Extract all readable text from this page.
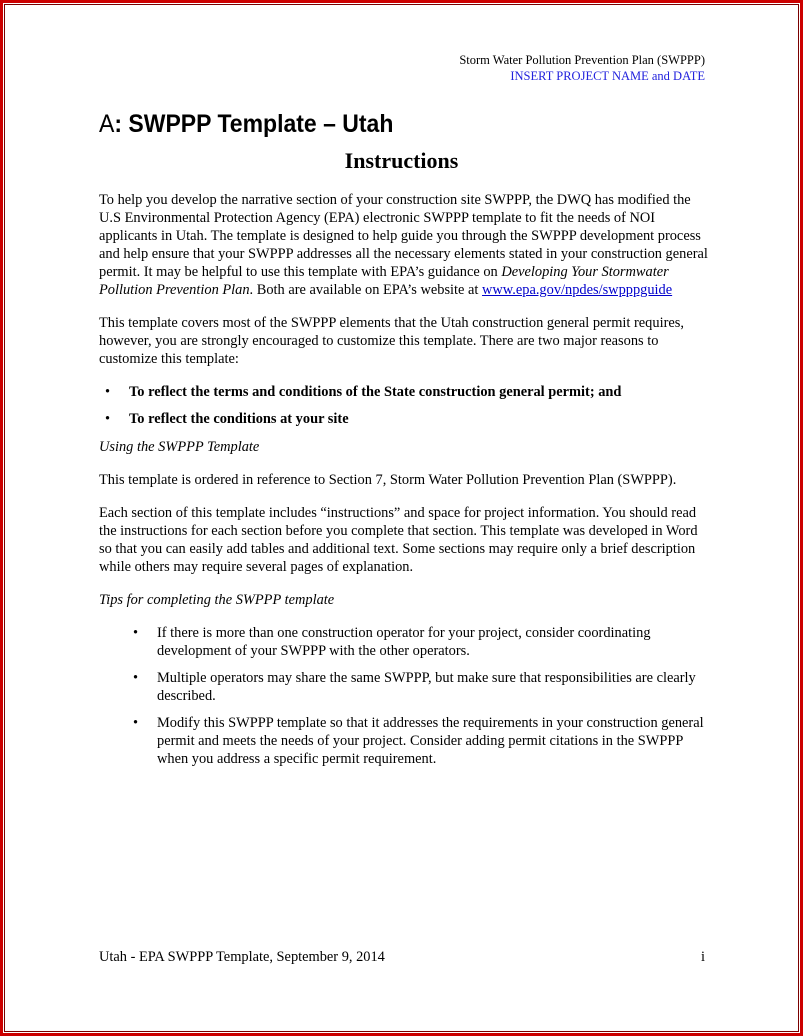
Storm Water Pollution Prevention Plan (SWPPP)
INSERT PROJECT NAME and DATE
A: SWPPP Template – Utah
Instructions

To help you develop the narrative section of your construction site SWPPP, the DWQ has modified the U.S Environmental Protection Agency (EPA) electronic SWPPP template to fit the needs of NOI applicants in Utah. The template is designed to help guide you through the SWPPP development process and help ensure that your SWPPP addresses all the necessary elements stated in your construction general permit. It may be helpful to use this template with EPA’s guidance on Developing Your Stormwater Pollution Prevention Plan. Both are available on EPA’s website at www.epa.gov/npdes/swpppguide

This template covers most of the SWPPP elements that the Utah construction general permit requires, however, you are strongly encouraged to customize this template. There are two major reasons to customize this template:

• To reflect the terms and conditions of the State construction general permit; and
• To reflect the conditions at your site
Using the SWPPP Template

This template is ordered in reference to Section 7, Storm Water Pollution Prevention Plan (SWPPP).

Each section of this template includes “instructions” and space for project information. You should read the instructions for each section before you complete that section. This template was developed in Word so that you can easily add tables and additional text. Some sections may require only a brief description while others may require several pages of explanation.

Tips for completing the SWPPP template
• If there is more than one construction operator for your project, consider coordinating development of your SWPPP with the other operators.
• Multiple operators may share the same SWPPP, but make sure that responsibilities are clearly described.
• Modify this SWPPP template so that it addresses the requirements in your construction general permit and meets the needs of your project. Consider adding permit citations in the SWPPP when you address a specific permit requirement.
Utah - EPA SWPPP Template, September 9, 2014	i
